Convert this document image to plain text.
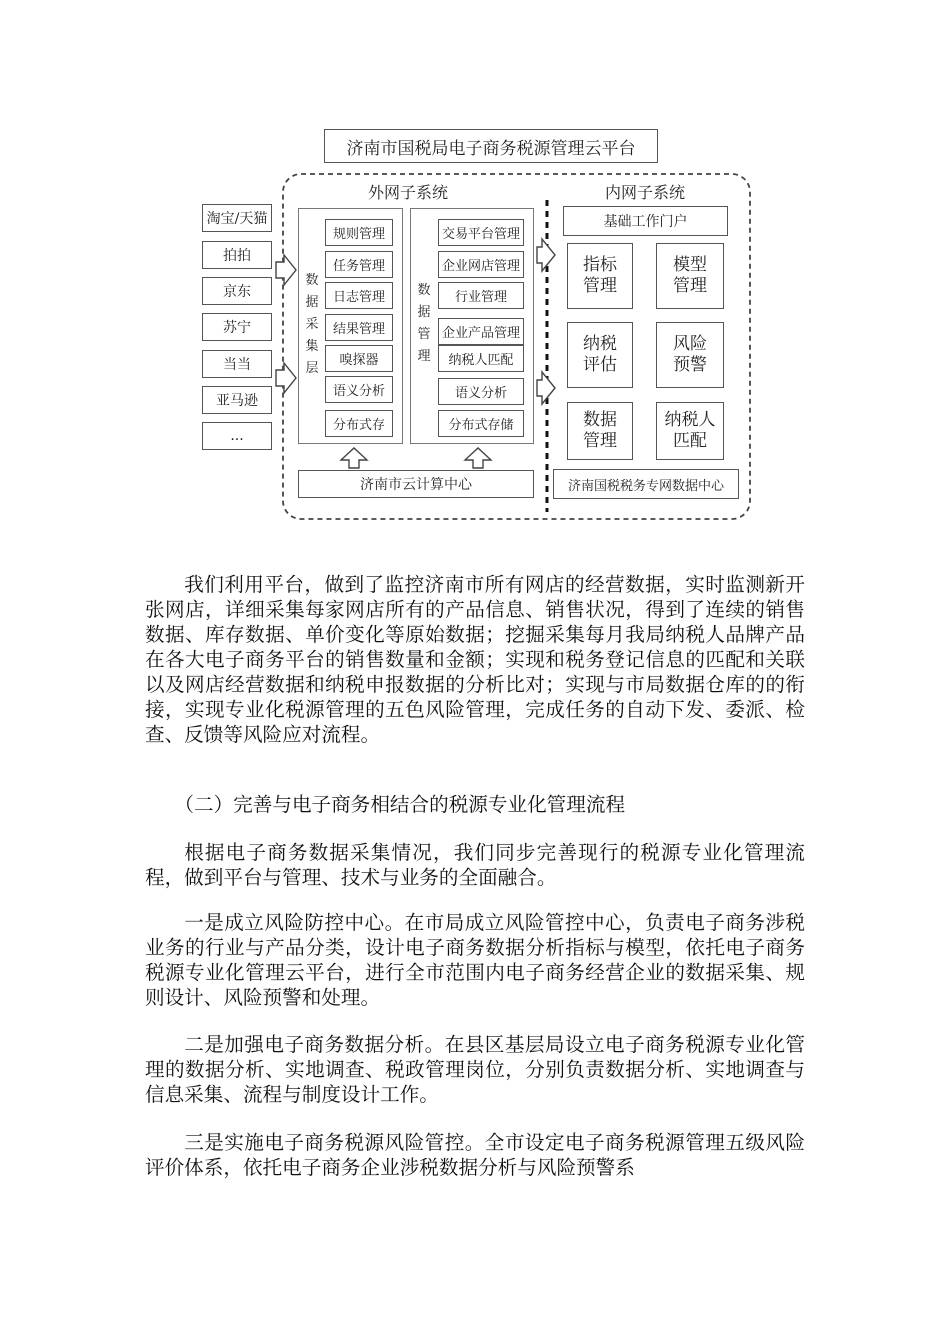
济南市国税局电子商务税源管理云平台
外网子系统	内网子系统
淘宝/天猫
拍拍
京东
苏宁
当当
亚马逊
...
数据采集层
规则管理
任务管理
日志管理
结果管理
嗅探器
语义分析
分布式存
数据管理
交易平台管理
企业网店管理
行业管理
企业产品管理
纳税人匹配
语义分析
分布式存储
济南市云计算中心
基础工作门户
指标
管理
模型
管理
纳税
评估
风险
预警
数据
管理
纳税人
匹配
济南国税税务专网数据中心

我们利用平台，做到了监控济南市所有网店的经营数据，实时监测新开张网店，详细采集每家网店所有的产品信息、销售状况，得到了连续的销售数据、库存数据、单价变化等原始数据；挖掘采集每月我局纳税人品牌产品在各大电子商务平台的销售数量和金额；实现和税务登记信息的匹配和关联以及网店经营数据和纳税申报数据的分析比对；实现与市局数据仓库的的衔接，实现专业化税源管理的五色风险管理，完成任务的自动下发、委派、检查、反馈等风险应对流程。

（二）完善与电子商务相结合的税源专业化管理流程

根据电子商务数据采集情况，我们同步完善现行的税源专业化管理流程，做到平台与管理、技术与业务的全面融合。

一是成立风险防控中心。在市局成立风险管控中心，负责电子商务涉税业务的行业与产品分类，设计电子商务数据分析指标与模型，依托电子商务税源专业化管理云平台，进行全市范围内电子商务经营企业的数据采集、规则设计、风险预警和处理。

二是加强电子商务数据分析。在县区基层局设立电子商务税源专业化管理的数据分析、实地调查、税政管理岗位，分别负责数据分析、实地调查与信息采集、流程与制度设计工作。

三是实施电子商务税源风险管控。全市设定电子商务税源管理五级风险评价体系，依托电子商务企业涉税数据分析与风险预警系
